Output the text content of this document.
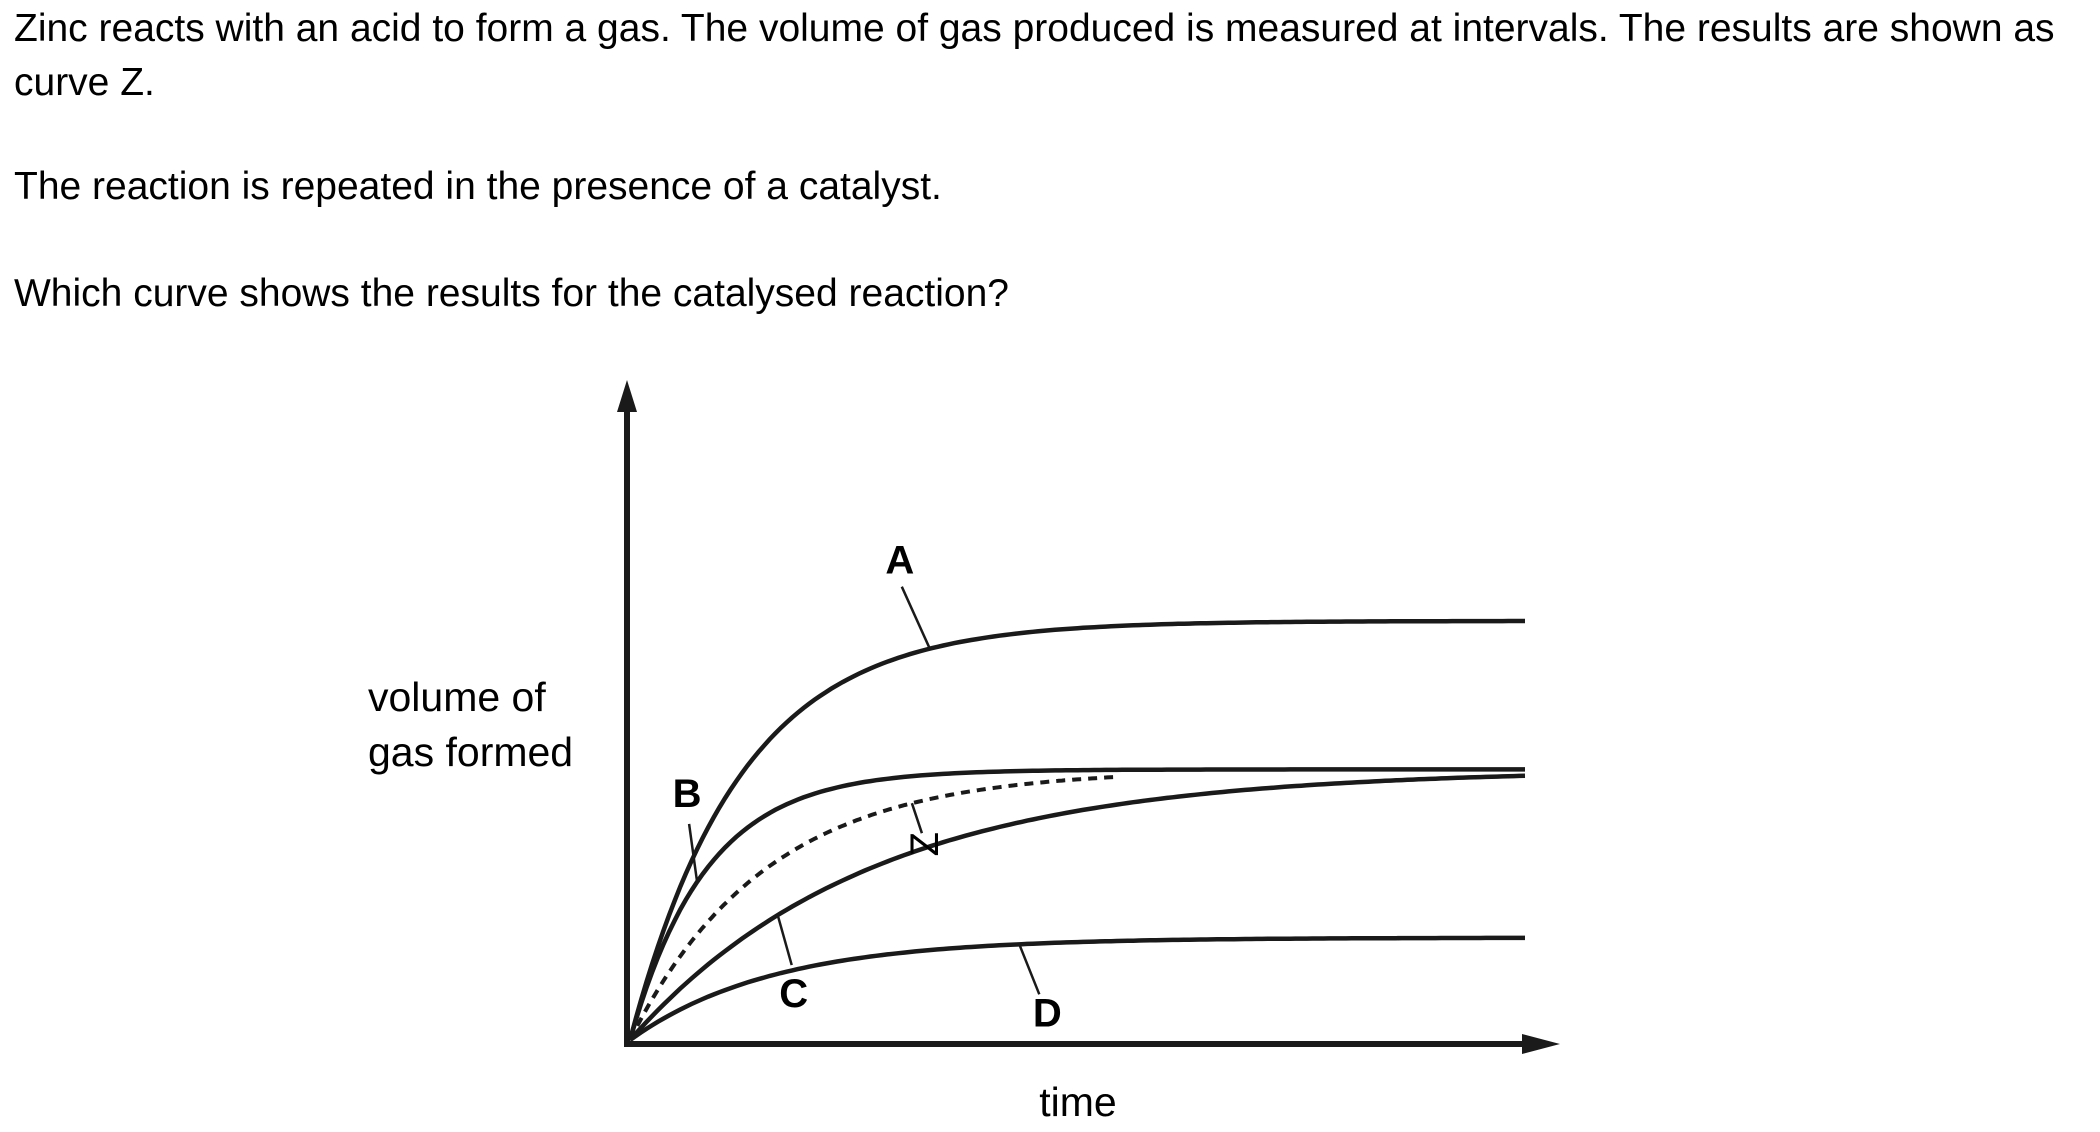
Zinc reacts with an acid to form a gas. The volume of gas produced is measured at intervals. The results are shown as curve Z.

The reaction is repeated in the presence of a catalyst.

Which curve shows the results for the catalysed reaction?

A
B
Z
C	D
volume of
gas formed
time
